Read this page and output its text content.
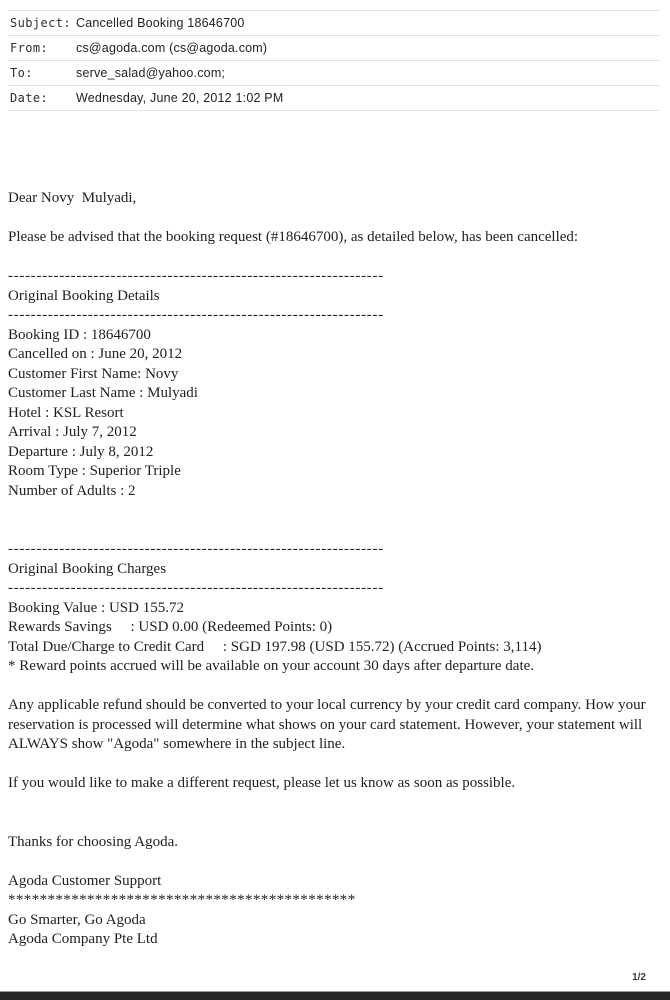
Subject: Cancelled Booking 18646700
From:	cs@agoda.com (cs@agoda.com)
To:	serve_salad@yahoo.com;
Date:	Wednesday, June 20, 2012 1:02 PM
Dear Novy  Mulyadi,
Please be advised that the booking request (#18646700), as detailed below, has been cancelled:
------------------------------------------------------------------
Original Booking Details
------------------------------------------------------------------
Booking ID : 18646700
Cancelled on : June 20, 2012
Customer First Name: Novy
Customer Last Name : Mulyadi
Hotel : KSL Resort
Arrival : July 7, 2012
Departure : July 8, 2012
Room Type : Superior Triple
Number of Adults : 2
------------------------------------------------------------------
Original Booking Charges
------------------------------------------------------------------
Booking Value : USD 155.72
Rewards Savings     : USD 0.00 (Redeemed Points: 0)
Total Due/Charge to Credit Card     : SGD 197.98 (USD 155.72) (Accrued Points: 3,114)
* Reward points accrued will be available on your account 30 days after departure date.
Any applicable refund should be converted to your local currency by your credit card company. How your reservation is processed will determine what shows on your card statement. However, your statement will ALWAYS show "Agoda" somewhere in the subject line.
If you would like to make a different request, please let us know as soon as possible.
Thanks for choosing Agoda.
Agoda Customer Support
********************************************
Go Smarter, Go Agoda
Agoda Company Pte Ltd
1/2
